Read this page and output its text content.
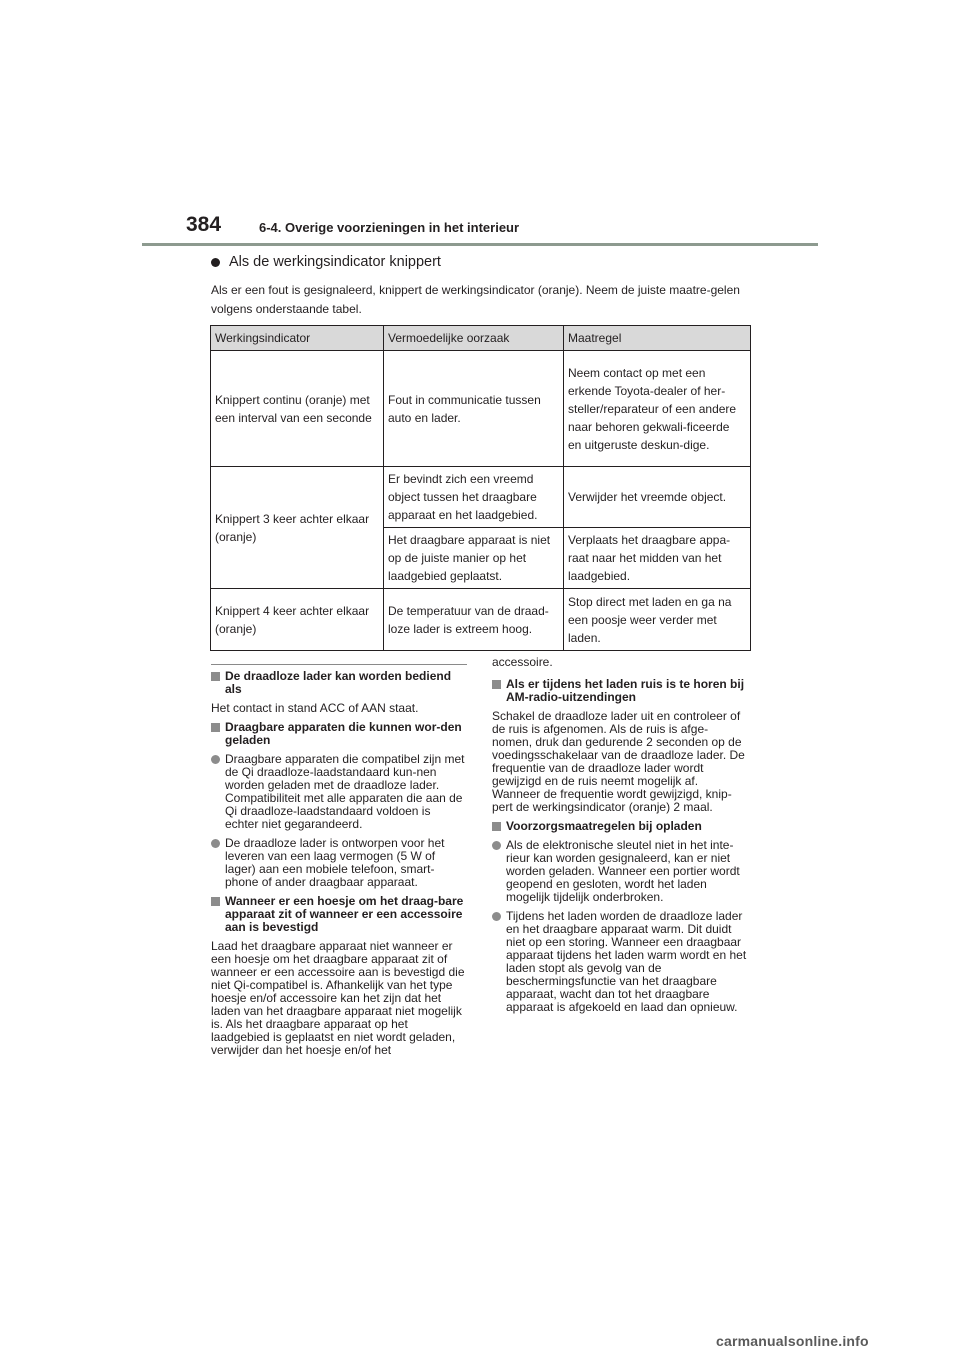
384	6-4. Overige voorzieningen in het interieur
Als de werkingsindicator knippert
Als er een fout is gesignaleerd, knippert de werkingsindicator (oranje). Neem de juiste maatre-gelen volgens onderstaande tabel.
Werkingsindicator	Vermoedelijke oorzaak	Maatregel
Knippert continu (oranje) met een interval van een seconde	Fout in communicatie tussen auto en lader.	Neem contact op met een erkende Toyota-dealer of her-steller/reparateur of een andere naar behoren gekwali-ficeerde en uitgeruste deskun-dige.
Knippert 3 keer achter elkaar (oranje)	Er bevindt zich een vreemd object tussen het draagbare apparaat en het laadgebied.	Verwijder het vreemde object.
	Het draagbare apparaat is niet op de juiste manier op het laadgebied geplaatst.	Verplaats het draagbare appa-raat naar het midden van het laadgebied.
Knippert 4 keer achter elkaar (oranje)	De temperatuur van de draad-loze lader is extreem hoog.	Stop direct met laden en ga na een poosje weer verder met laden.
De draadloze lader kan worden bediend als

Het contact in stand ACC of AAN staat.

Draagbare apparaten die kunnen wor-den geladen
Draagbare apparaten die compatibel zijn met de Qi draadloze-laadstandaard kun-nen worden geladen met de draadloze lader. Compatibiliteit met alle apparaten die aan de Qi draadloze-laadstandaard voldoen is echter niet gegarandeerd.
De draadloze lader is ontworpen voor het leveren van een laag vermogen (5 W of lager) aan een mobiele telefoon, smart-phone of ander draagbaar apparaat.
Wanneer er een hoesje om het draag-bare apparaat zit of wanneer er een accessoire aan is bevestigd

Laad het draagbare apparaat niet wanneer er een hoesje om het draagbare apparaat zit of wanneer er een accessoire aan is bevestigd die niet Qi-compatibel is. Afhankelijk van het type hoesje en/of accessoire kan het zijn dat het laden van het draagbare apparaat niet mogelijk is. Als het draagbare apparaat op het laadgebied is geplaatst en niet wordt geladen, verwijder dan het hoesje en/of het

accessoire.

Als er tijdens het laden ruis is te horen bij AM-radio-uitzendingen

Schakel de draadloze lader uit en controleer of de ruis is afgenomen. Als de ruis is afge-nomen, druk dan gedurende 2 seconden op de voedingsschakelaar van de draadloze lader. De frequentie van de draadloze lader wordt gewijzigd en de ruis neemt mogelijk af. Wanneer de frequentie wordt gewijzigd, knip-pert de werkingsindicator (oranje) 2 maal.

Voorzorgsmaatregelen bij opladen
Als de elektronische sleutel niet in het inte-rieur kan worden gesignaleerd, kan er niet worden geladen. Wanneer een portier wordt geopend en gesloten, wordt het laden mogelijk tijdelijk onderbroken.
Tijdens het laden worden de draadloze lader en het draagbare apparaat warm. Dit duidt niet op een storing. Wanneer een draagbaar apparaat tijdens het laden warm wordt en het laden stopt als gevolg van de beschermingsfunctie van het draagbare apparaat, wacht dan tot het draagbare apparaat is afgekoeld en laad dan opnieuw.
carmanualsonline.info
